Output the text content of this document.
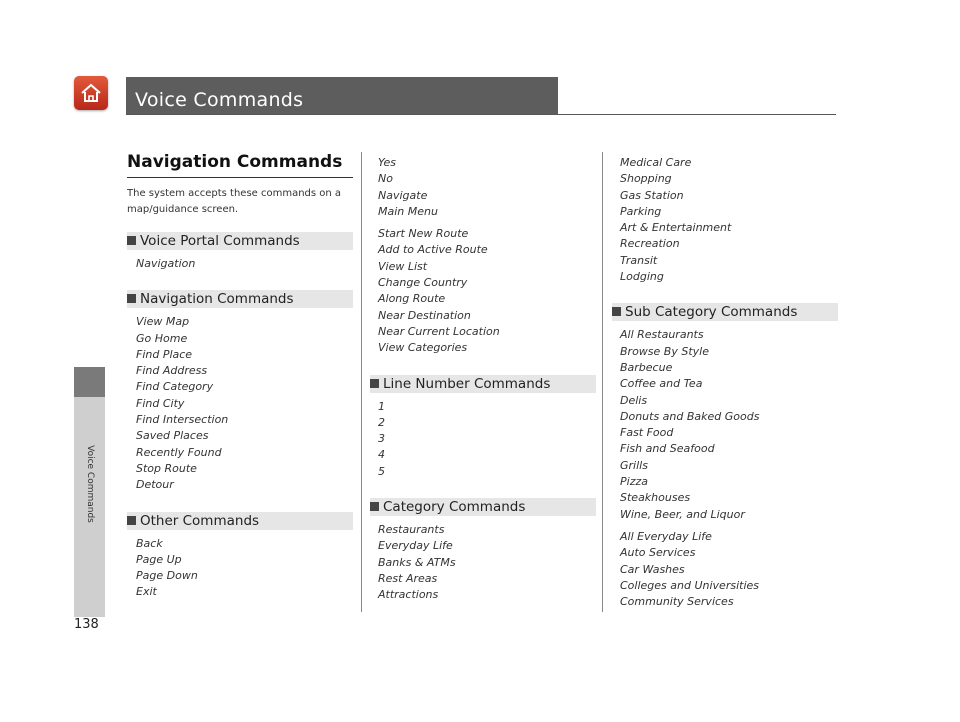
Voice Commands
Voice Commands
138
Navigation Commands
The system accepts these commands on a map/guidance screen.
Voice Portal Commands
Navigation
Navigation Commands
View Map
Go Home
Find Place
Find Address
Find Category
Find City
Find Intersection
Saved Places
Recently Found
Stop Route
Detour
Other Commands
Back
Page Up
Page Down
Exit
Yes
No
Navigate
Main Menu
Start New Route
Add to Active Route
View List
Change Country
Along Route
Near Destination
Near Current Location
View Categories
Line Number Commands
1
2
3
4
5
Category Commands
Restaurants
Everyday Life
Banks & ATMs
Rest Areas
Attractions
Medical Care
Shopping
Gas Station
Parking
Art & Entertainment
Recreation
Transit
Lodging
Sub Category Commands
All Restaurants
Browse By Style
Barbecue
Coffee and Tea
Delis
Donuts and Baked Goods
Fast Food
Fish and Seafood
Grills
Pizza
Steakhouses
Wine, Beer, and Liquor
All Everyday Life
Auto Services
Car Washes
Colleges and Universities
Community Services
